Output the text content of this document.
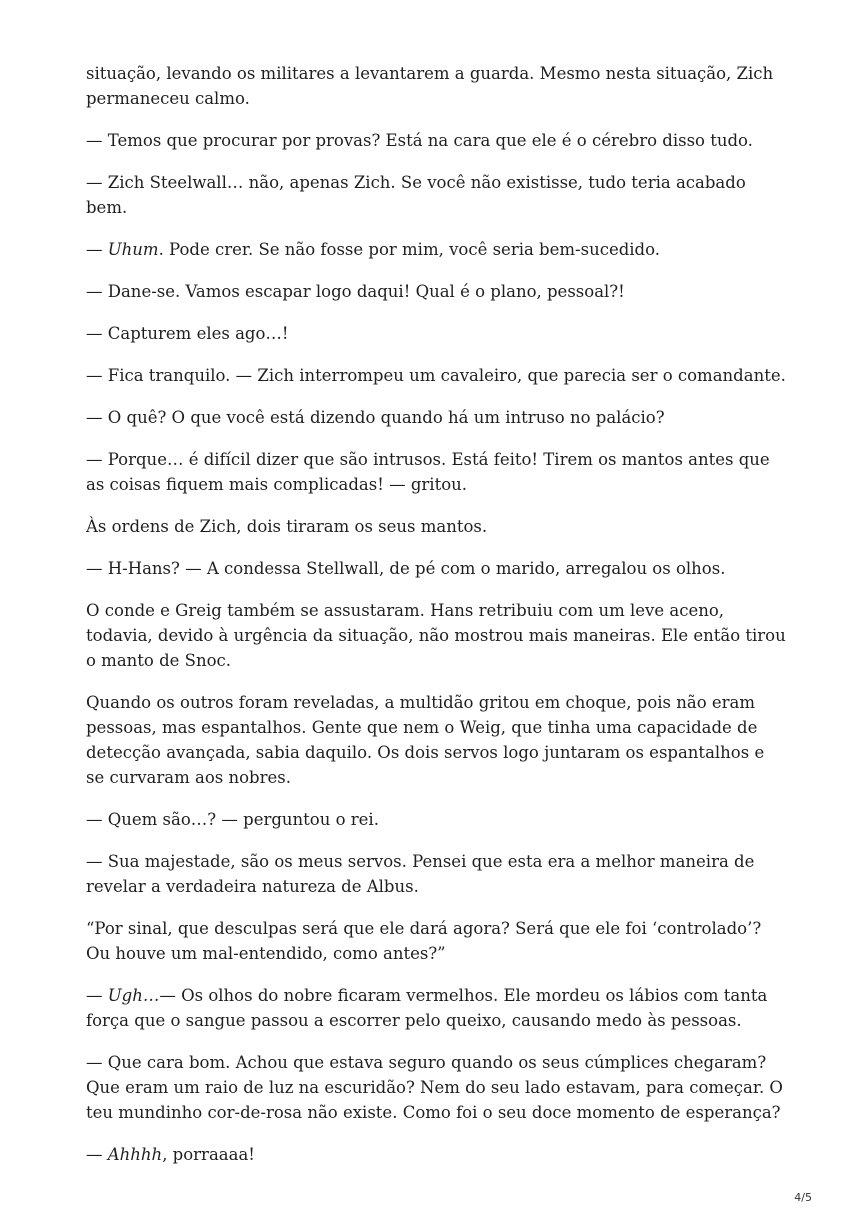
situação, levando os militares a levantarem a guarda. Mesmo nesta situação, Zich permaneceu calmo.

— Temos que procurar por provas? Está na cara que ele é o cérebro disso tudo.

— Zich Steelwall… não, apenas Zich. Se você não existisse, tudo teria acabado bem.

— Uhum. Pode crer. Se não fosse por mim, você seria bem-sucedido.

— Dane-se. Vamos escapar logo daqui! Qual é o plano, pessoal?!

— Capturem eles ago…!

— Fica tranquilo. — Zich interrompeu um cavaleiro, que parecia ser o comandante.

— O quê? O que você está dizendo quando há um intruso no palácio?

— Porque… é difícil dizer que são intrusos. Está feito! Tirem os mantos antes que as coisas fiquem mais complicadas! — gritou.

Às ordens de Zich, dois tiraram os seus mantos.

— H-Hans? — A condessa Stellwall, de pé com o marido, arregalou os olhos.

O conde e Greig também se assustaram. Hans retribuiu com um leve aceno, todavia, devido à urgência da situação, não mostrou mais maneiras. Ele então tirou o manto de Snoc.

Quando os outros foram reveladas, a multidão gritou em choque, pois não eram pessoas, mas espantalhos. Gente que nem o Weig, que tinha uma capacidade de detecção avançada, sabia daquilo. Os dois servos logo juntaram os espantalhos e se curvaram aos nobres.

— Quem são…? — perguntou o rei.

— Sua majestade, são os meus servos. Pensei que esta era a melhor maneira de revelar a verdadeira natureza de Albus.

“Por sinal, que desculpas será que ele dará agora? Será que ele foi ‘controlado’? Ou houve um mal-entendido, como antes?”

— Ugh…— Os olhos do nobre ficaram vermelhos. Ele mordeu os lábios com tanta força que o sangue passou a escorrer pelo queixo, causando medo às pessoas.

— Que cara bom. Achou que estava seguro quando os seus cúmplices chegaram? Que eram um raio de luz na escuridão? Nem do seu lado estavam, para começar. O teu mundinho cor-de-rosa não existe. Como foi o seu doce momento de esperança?

— Ahhhh, porraaaa!

4/5
